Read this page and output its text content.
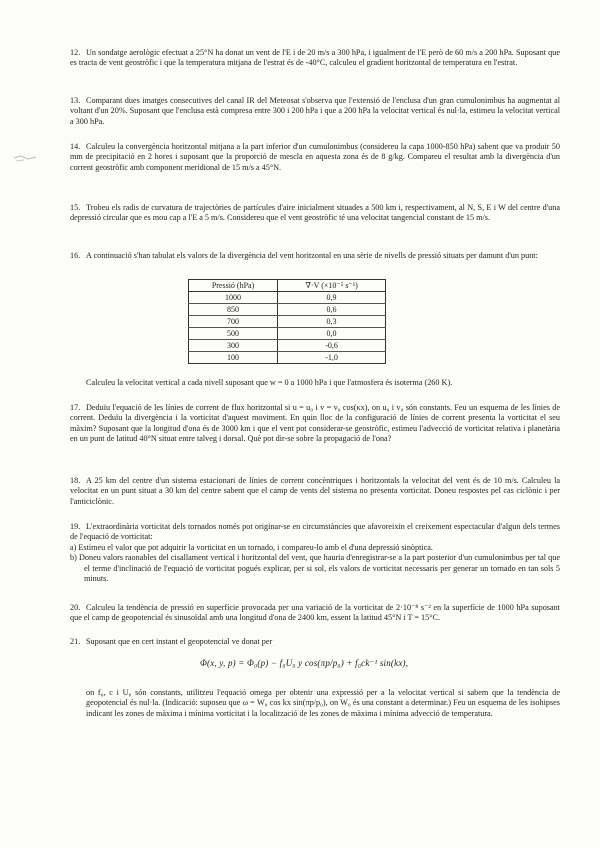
12. Un sondatge aerològic efectuat a 25°N ha donat un vent de l'E i de 20 m/s a 300 hPa, i igualment de l'E però de 60 m/s a 200 hPa. Suposant que es tracta de vent geostròfic i que la temperatura mitjana de l'estrat és de -40°C, calculeu el gradient horitzontal de temperatura en l'estrat.
13. Comparant dues imatges consecutives del canal IR del Meteosat s'observa que l'extensió de l'enclusa d'un gran cumulonimbus ha augmentat al voltant d'un 20%. Suposant que l'enclusa està compresa entre 300 i 200 hPa i que a 200 hPa la velocitat vertical és nul·la, estimeu la velocitat vertical a 300 hPa.
14. Calculeu la convergència horitzontal mitjana a la part inferior d'un cumulonimbus (considereu la capa 1000-850 hPa) sabent que va produir 50 mm de precipitació en 2 hores i suposant que la proporció de mescla en aquesta zona és de 8 g/kg. Compareu el resultat amb la divergència d'un corrent geostròfic amb component meridional de 15 m/s a 45°N.
15. Trobeu els radis de curvatura de trajectòries de partícules d'aire inicialment situades a 500 km i, respectivament, al N, S, E i W del centre d'una depressió circular que es mou cap a l'E a 5 m/s. Considereu que el vent geostròfic té una velocitat tangencial constant de 15 m/s.
16. A continuació s'han tabulat els valors de la divergència del vent horitzontal en una sèrie de nivells de pressió situats per damunt d'un punt:
Pressió (hPa)	∇·V (×10⁻⁵ s⁻¹)
1000	0,9
850	0,6
700	0,3
500	0,0
300	-0,6
100	-1,0
Calculeu la velocitat vertical a cada nivell suposant que w = 0 a 1000 hPa i que l'atmosfera és isoterma (260 K).
17. Deduïu l'equació de les línies de corrent de flux horitzontal si u = u₀ i v = v₀ cos(κx), on u₀ i v₀ són constants. Feu un esquema de les línies de corrent. Deduïu la divergència i la vorticitat d'aquest moviment. En quin lloc de la configuració de línies de corrent presenta la vorticitat el seu màxim? Suposant que la longitud d'ona és de 3000 km i que el vent pot considerar-se geostròfic, estimeu l'advecció de vorticitat relativa i planetària en un punt de latitud 40°N situat entre talveg i dorsal. Què pot dir-se sobre la propagació de l'ona?
18. A 25 km del centre d'un sistema estacionari de línies de corrent concèntriques i horitzontals la velocitat del vent és de 10 m/s. Calculeu la velocitat en un punt situat a 30 km del centre sabent que el camp de vents del sistema no presenta vorticitat. Doneu respostes pel cas ciclònic i per l'anticiclònic.
19. L'extraordinària vorticitat dels tornados només pot originar-se en circumstàncies que afavoreixin el creixement espectacular d'algun dels termes de l'equació de vorticitat:
a) Estimeu el valor que pot adquirir la vorticitat en un tornado, i compareu-lo amb el d'una depressió sinòptica.
b) Doneu valors raonables del cisallament vertical i horitzontal del vent, que hauria d'enregistrar-se a la part posterior d'un cumulonimbus per tal que el terme d'inclinació de l'equació de vorticitat pogués explicar, per si sol, els valors de vorticitat necessaris per generar un tornado en tan sols 5 minuts.
20. Calculeu la tendència de pressió en superfície provocada per una variació de la vorticitat de 2·10⁻⁸ s⁻² en la superfície de 1000 hPa suposant que el camp de geopotencial és sinusoïdal amb una longitud d'ona de 2400 km, essent la latitud 45°N i T = 15°C.
21. Suposant que en cert instant el geopotencial ve donat per
Φ(x, y, p) = Φ₀(p) − f₀U₀ y cos(πp/p₀) + f₀ck⁻¹ sin(kx),
on f₀, c i U₀ són constants, utilitzeu l'equació omega per obtenir una expressió per a la velocitat vertical si sabem que la tendència de geopotencial és nul·la. (Indicació: suposeu que ω = W₀ cos kx sin(πp/p₀), on W₀ és una constant a determinar.) Feu un esquema de les isohipses indicant les zones de màxima i mínima vorticitat i la localització de les zones de màxima i mínima advecció de temperatura.
